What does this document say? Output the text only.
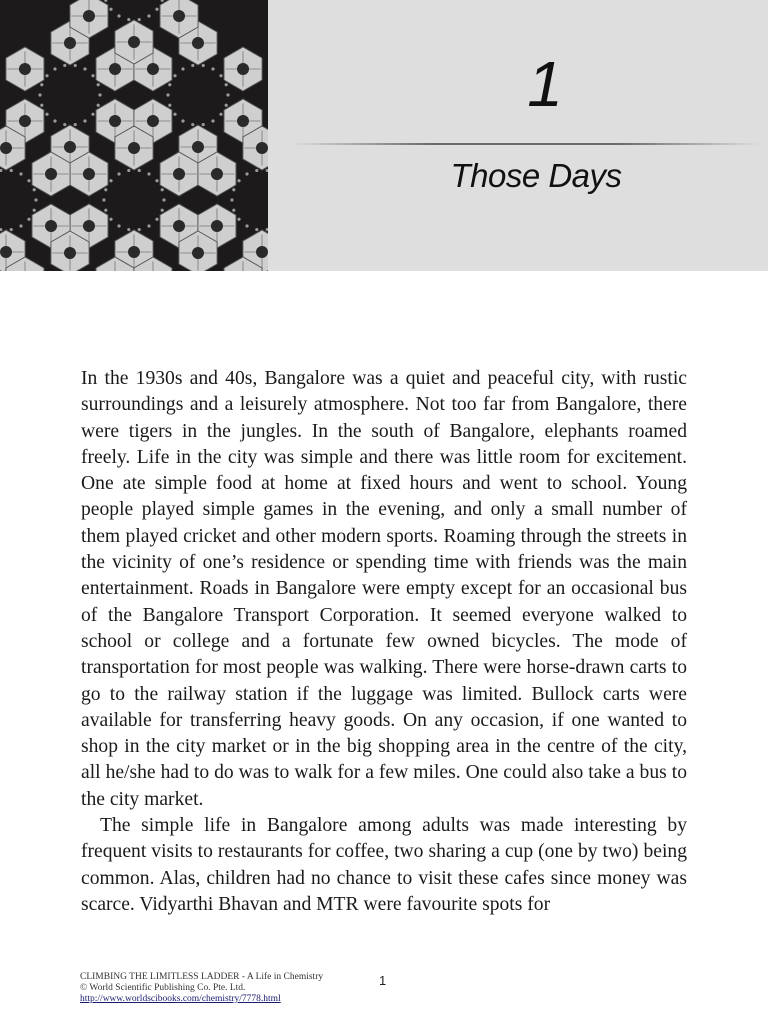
1
Those Days

In the 1930s and 40s, Bangalore was a quiet and peaceful city, with rustic surroundings and a leisurely atmosphere. Not too far from Bangalore, there were tigers in the jungles. In the south of Bangalore, elephants roamed freely. Life in the city was simple and there was little room for excitement. One ate simple food at home at fixed hours and went to school. Young people played simple games in the evening, and only a small number of them played cricket and other modern sports. Roaming through the streets in the vicinity of one’s residence or spending time with friends was the main entertainment. Roads in Bangalore were empty except for an occasional bus of the Bangalore Transport Corporation. It seemed everyone walked to school or college and a fortunate few owned bicycles. The mode of transportation for most people was walking. There were horse-drawn carts to go to the railway station if the luggage was limited. Bullock carts were available for transferring heavy goods. On any occasion, if one wanted to shop in the city market or in the big shopping area in the centre of the city, all he/she had to do was to walk for a few miles. One could also take a bus to the city market.

The simple life in Bangalore among adults was made interesting by frequent visits to restaurants for coffee, two sharing a cup (one by two) being common. Alas, children had no chance to visit these cafes since money was scarce. Vidyarthi Bhavan and MTR were favourite spots for

CLIMBING THE LIMITLESS LADDER - A Life in Chemistry
© World Scientific Publishing Co. Pte. Ltd.
http://www.worldscibooks.com/chemistry/7778.html
1
